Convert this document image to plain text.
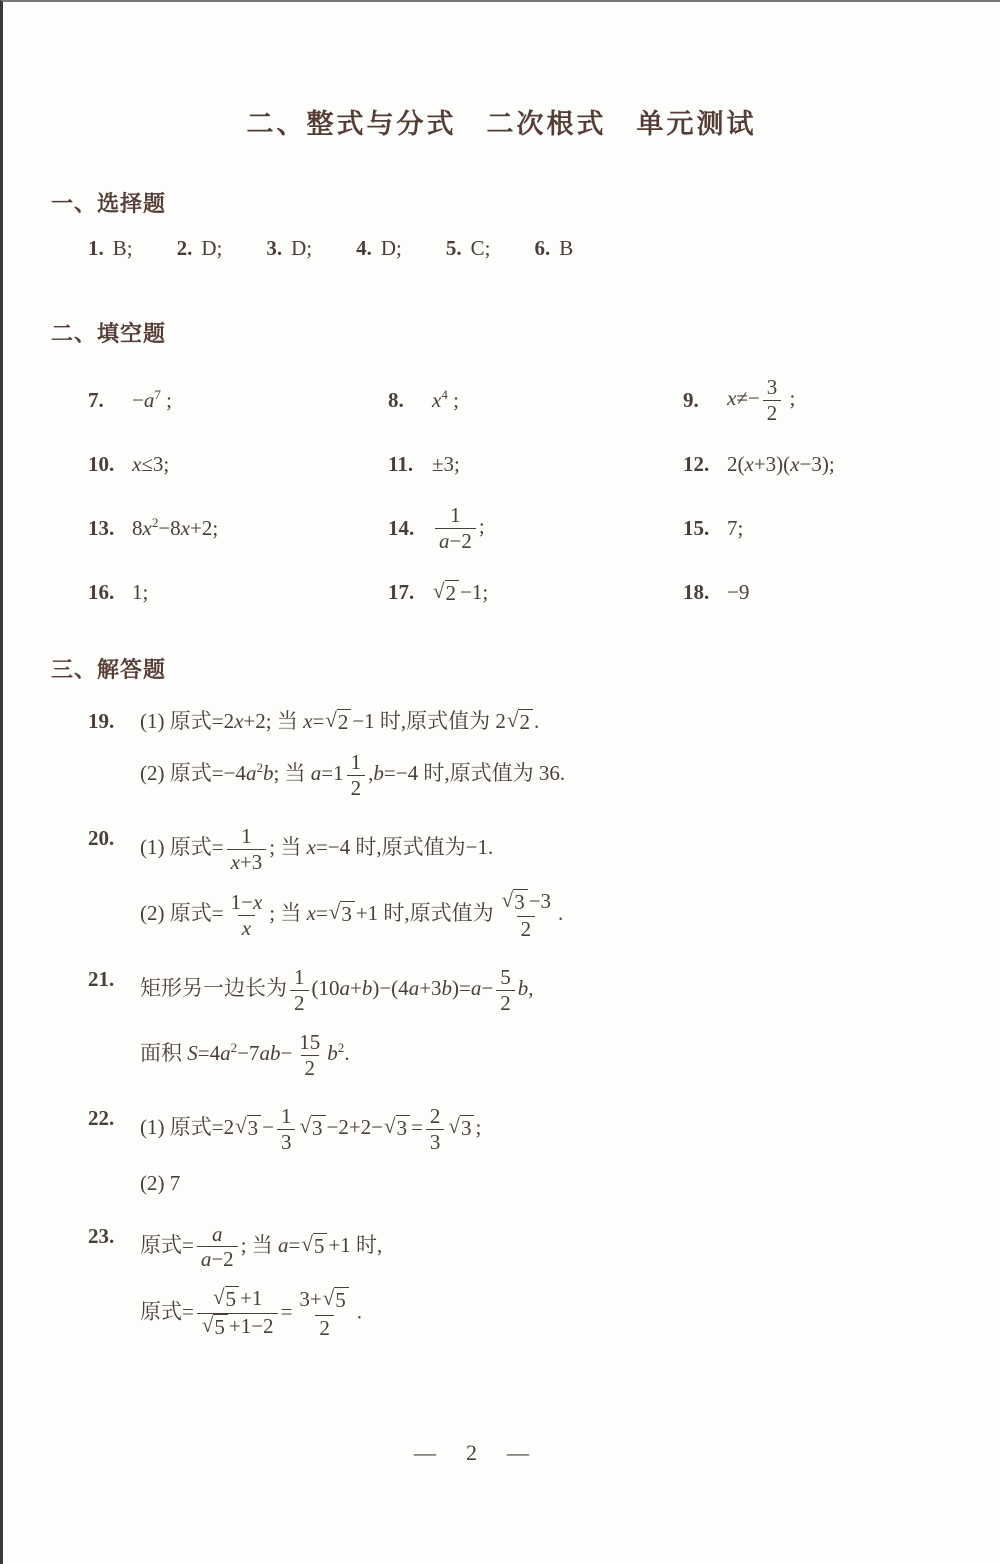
二、整式与分式　二次根式　单元测试
一、选择题
1. B; 2. D; 3. D; 4. D; 5. C; 6. B
二、填空题
7.	$-a^7$ ;	8.	$x^4$ ;	9.	$x\ne- \frac{3}{2}$ ;
10. x≤3;	11. ±3;	12. 2(x+3)(x−3);
13. $8x^2-8x+2$;	14. $\frac{1}{a-2}$ ;	15. 7;
16. 1;	17. √ 2 −1;	18. −9
三、解答题
19.	(1) 原式=2x+2; 当 x= √ 2 −1 时,原式值为 2 √ 2 .
(2) 原式$=-4a^2b$; 当 $a=1 \frac{1}{2} ,b=-4$ 时,原式值为 36.
20.	(1) 原式= $\frac{1}{x+3}$ ; 当 x=−4 时,原式值为−1.
(2) 原式= $\frac{1-x}{x}$ ; 当 x= √ 3 +1 时,原式值为 $\frac{√ 3 -3}{2}$ .
21.	矩形另一边长为 $\frac{1}{2} (10a+b)-(4a+3b)=a- \frac{5}{2} b$,
面积 $S=4a^2-7ab- \frac{15}{2} b^2$.
22.	(1) 原式=2 √ $3 - \frac{1}{3}$ √ 3 −2+2− √ $3 = \frac{2}{3}$ √ 3 ;
(2) 7
23.	原式= $\frac{a}{a-2}$ ; 当 a= √ 5 +1 时,
原式= $\frac{√ 5 +1}{√ 5 +1-2} = \frac{3+ √ 5}{2}$ .
— 2 —
